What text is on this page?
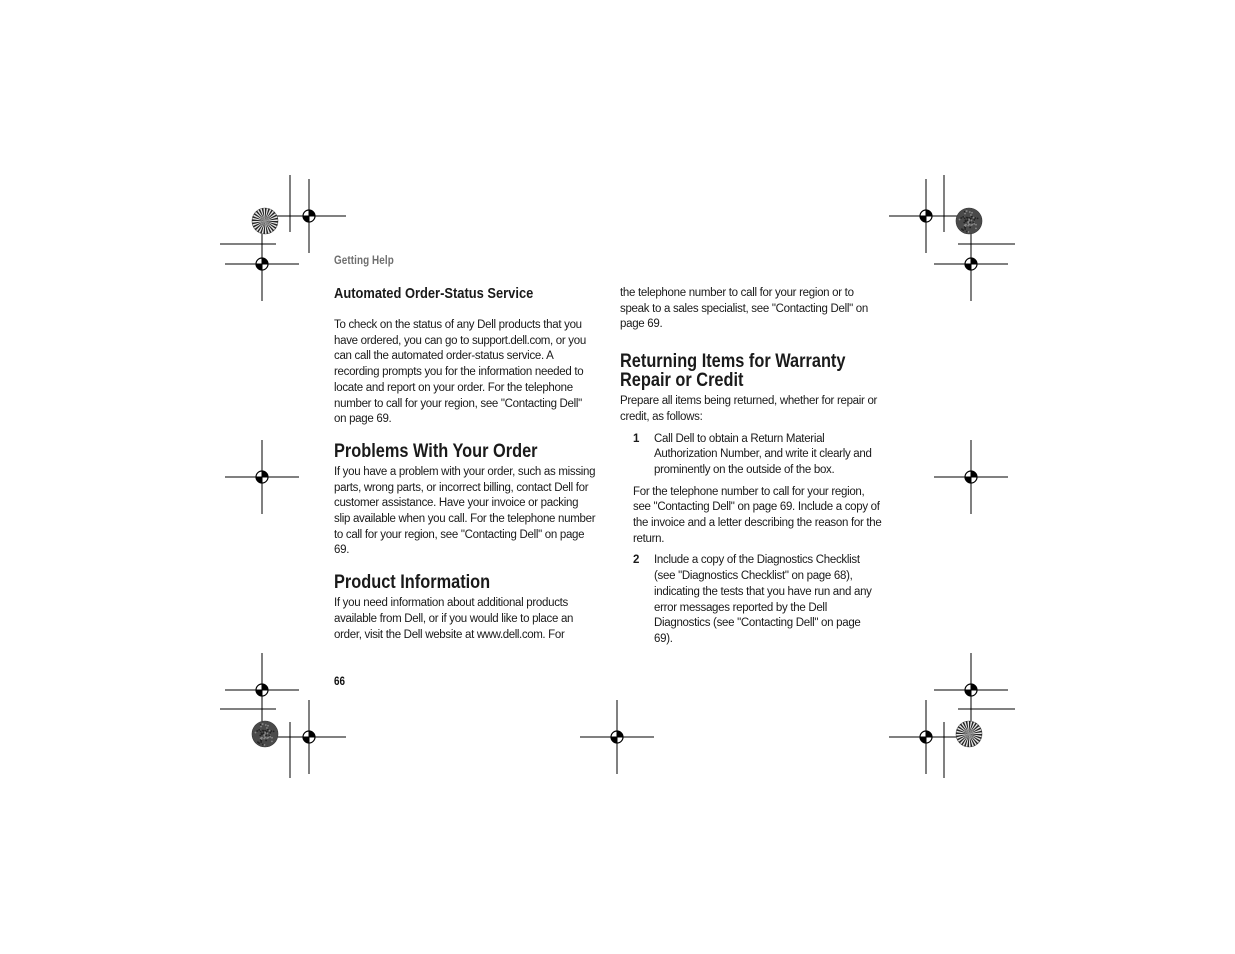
Getting Help
Automated Order-Status Service

To check on the status of any Dell products that you have ordered, you can go to support.dell.com, or you can call the automated order-status service. A recording prompts you for the information needed to locate and report on your order. For the telephone number to call for your region, see "Contacting Dell" on page 69.

Problems With Your Order

If you have a problem with your order, such as missing parts, wrong parts, or incorrect billing, contact Dell for customer assistance. Have your invoice or packing slip available when you call. For the telephone number to call for your region, see "Contacting Dell" on page 69.

Product Information

If you need information about additional products available from Dell, or if you would like to place an order, visit the Dell website at www.dell.com. For

the telephone number to call for your region or to speak to a sales specialist, see "Contacting Dell" on page 69.

Returning Items for Warranty
Repair or Credit

Prepare all items being returned, whether for repair or credit, as follows:

1 Call Dell to obtain a Return Material Authorization Number, and write it clearly and prominently on the outside of the box.

For the telephone number to call for your region, see "Contacting Dell" on page 69. Include a copy of the invoice and a letter describing the reason for the return.

2 Include a copy of the Diagnostics Checklist (see "Diagnostics Checklist" on page 68), indicating the tests that you have run and any error messages reported by the Dell Diagnostics (see "Contacting Dell" on page 69).

66
